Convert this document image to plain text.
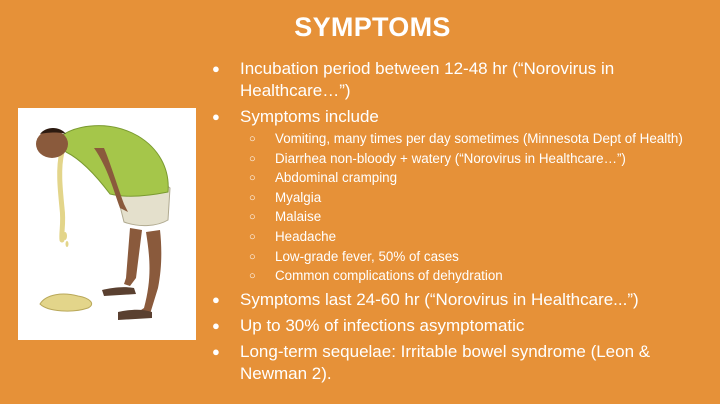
SYMPTOMS
● Incubation period between 12-48 hr (“Norovirus in Healthcare…”)
● Symptoms include
○ Vomiting, many times per day sometimes (Minnesota Dept of Health)
○ Diarrhea non-bloody + watery (“Norovirus in Healthcare…”)
○ Abdominal cramping
○ Myalgia
○ Malaise
○ Headache
○ Low-grade fever, 50% of cases
○ Common complications of dehydration
● Symptoms last 24-60 hr (“Norovirus in Healthcare...”)
● Up to 30% of infections asymptomatic
● Long-term sequelae: Irritable bowel syndrome (Leon & Newman 2).
